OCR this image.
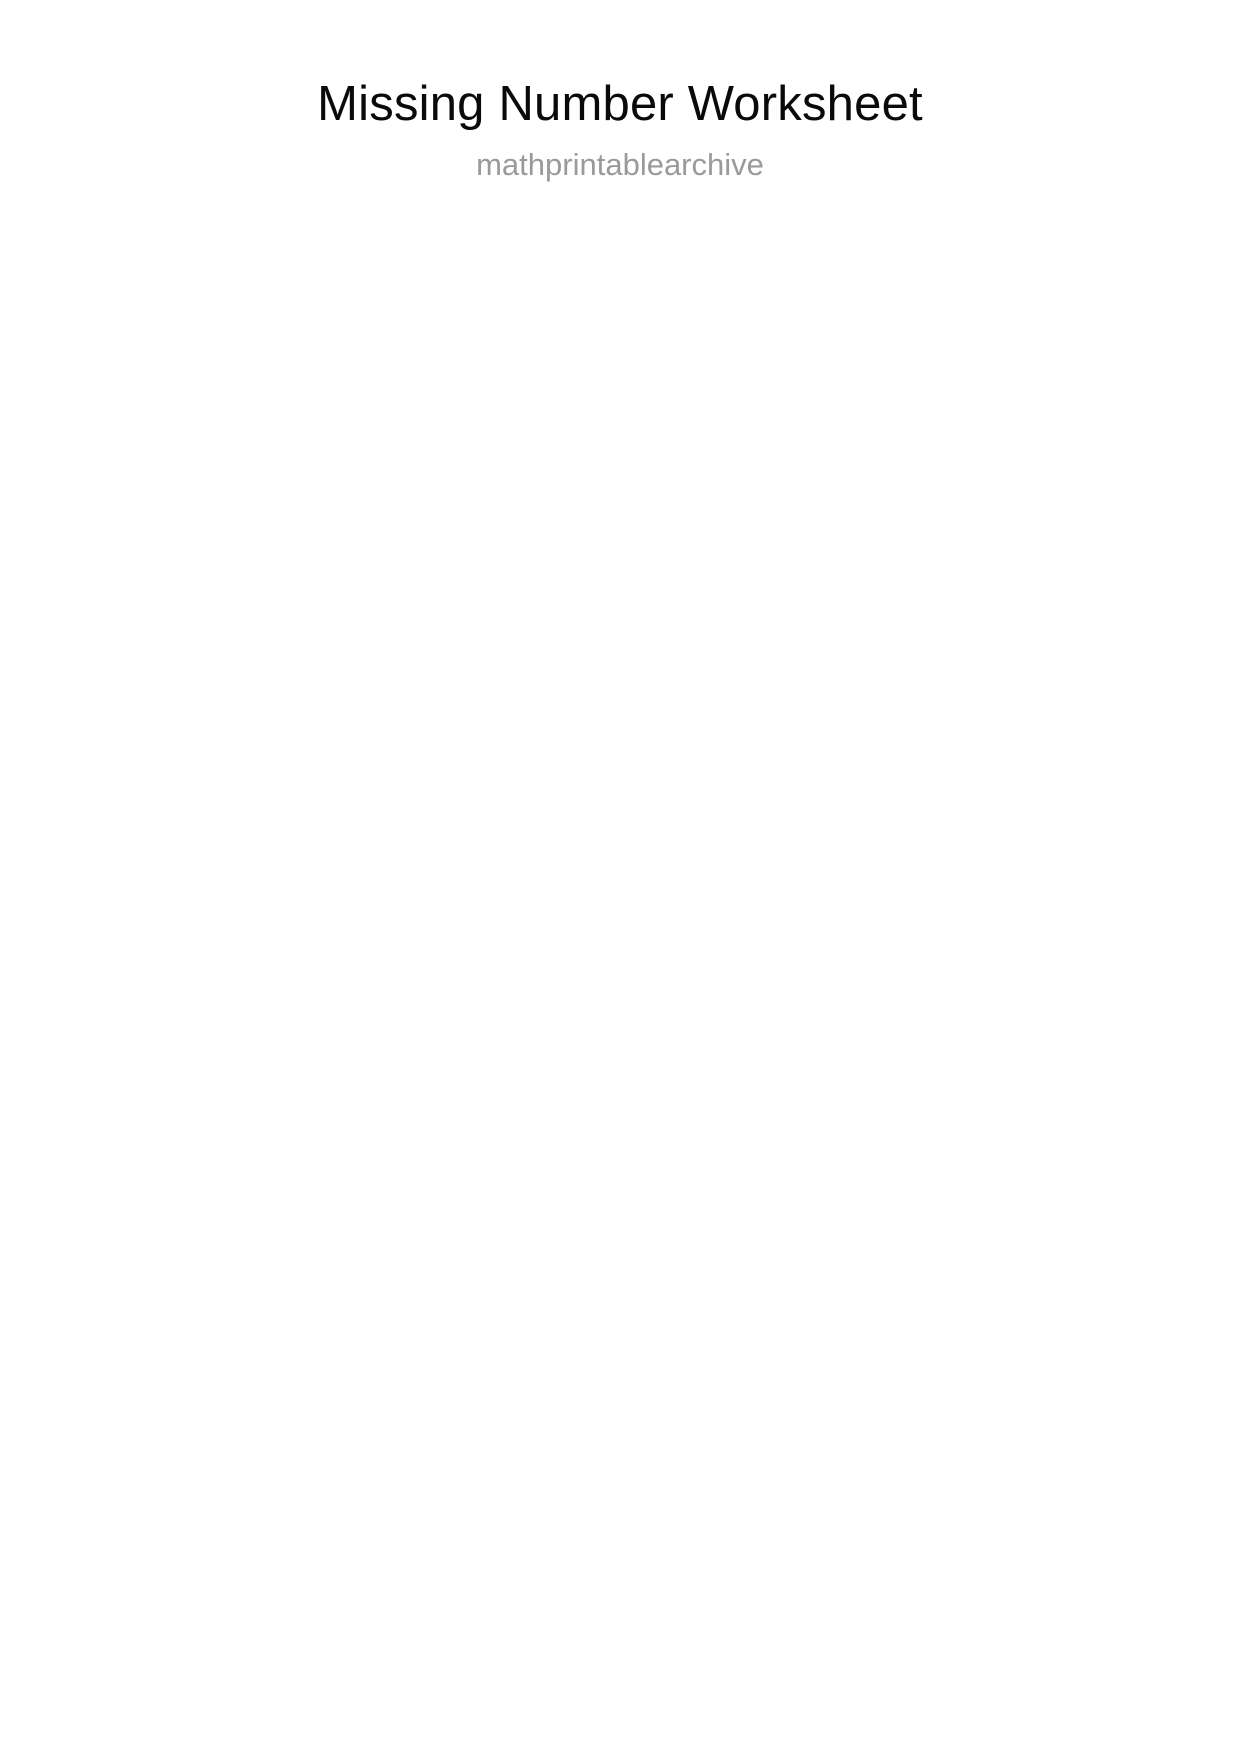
Missing Number Worksheet
mathprintablearchive
